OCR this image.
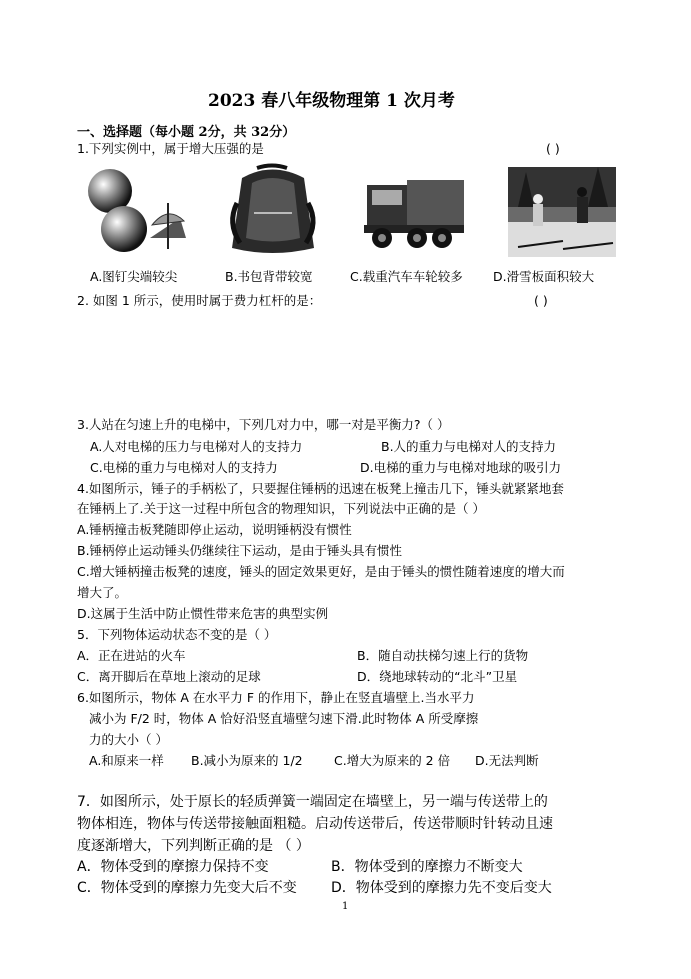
2023 春八年级物理第 1 次月考
一、选择题（每小题 2分，共 32分）
1.下列实例中，属于增大压强的是	( )
A.图钉尖端较尖	B.书包背带较宽	C.载重汽车车轮较多 D.滑雪板面积较大
2. 如图 1 所示，使用时属于费力杠杆的是：	( )
3.人站在匀速上升的电梯中，下列几对力中，哪一对是平衡力?（ ）
A.人对电梯的压力与电梯对人的支持力	B.人的重力与电梯对人的支持力
C.电梯的重力与电梯对人的支持力	D.电梯的重力与电梯对地球的吸引力
4.如图所示，锤子的手柄松了，只要握住锤柄的迅速在板凳上撞击几下，锤头就紧紧地套
在锤柄上了.关于这一过程中所包含的物理知识，下列说法中正确的是（ ）
A.锤柄撞击板凳随即停止运动，说明锤柄没有惯性
B.锤柄停止运动锤头仍继续往下运动，是由于锤头具有惯性
C.增大锤柄撞击板凳的速度，锤头的固定效果更好，是由于锤头的惯性随着速度的增大而
增大了。
D.这属于生活中防止惯性带来危害的典型实例
5．下列物体运动状态不变的是（ ）
A．正在进站的火车	B．随自动扶梯匀速上行的货物
C．离开脚后在草地上滚动的足球	D．绕地球转动的“北斗”卫星
6.如图所示，物体 A 在水平力 F 的作用下，静止在竖直墙壁上.当水平力
减小为 F/2 时，物体 A 恰好沿竖直墙壁匀速下滑.此时物体 A 所受摩擦
力的大小（ ）
A.和原来一样 B.减小为原来的 1/2	C.增大为原来的 2 倍 D.无法判断
7．如图所示，处于原长的轻质弹簧一端固定在墙壁上，另一端与传送带上的
物体相连，物体与传送带接触面粗糙。启动传送带后，传送带顺时针转动且速
度逐渐增大，下列判断正确的是 （ ）
A．物体受到的摩擦力保持不变	B．物体受到的摩擦力不断变大
C．物体受到的摩擦力先变大后不变 D．物体受到的摩擦力先不变后变大
1
